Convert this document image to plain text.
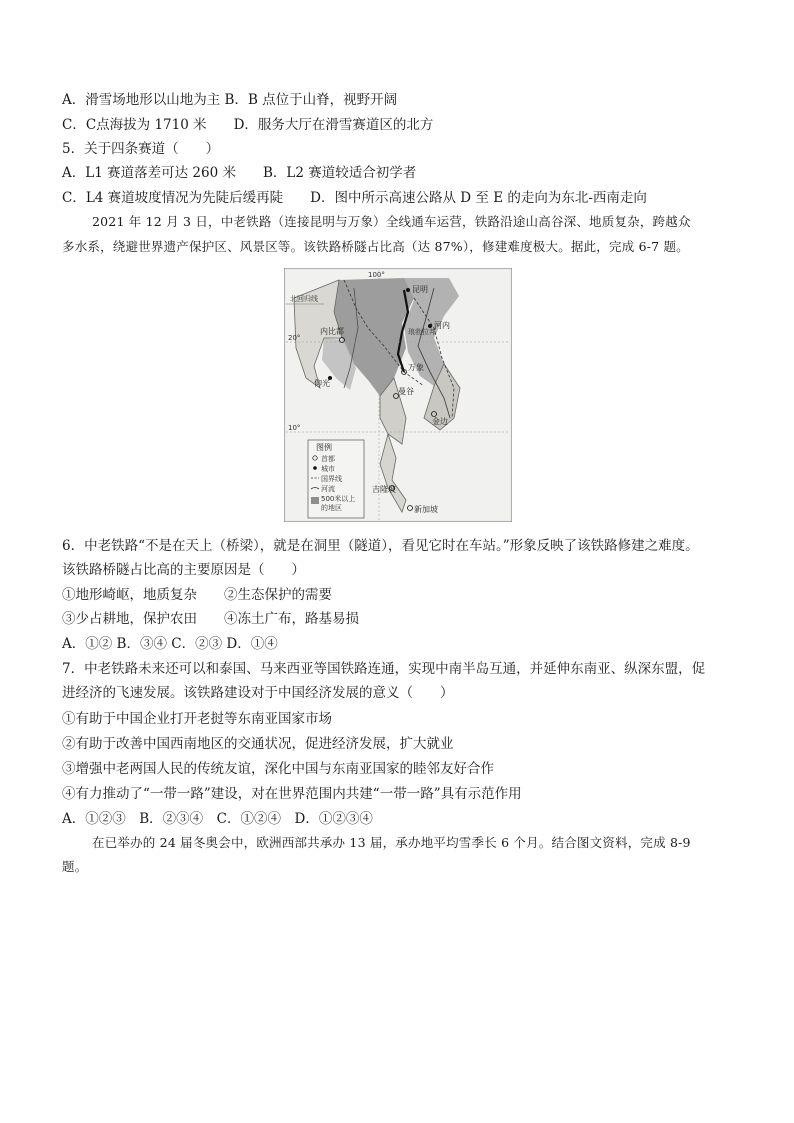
A．滑雪场地形以山地为主 B．B 点位于山脊，视野开阔
C．C点海拔为 1710 米　　D．服务大厅在滑雪赛道区的北方
5．关于四条赛道（　　）
A．L1 赛道落差可达 260 米　　B．L2 赛道较适合初学者
C．L4 赛道坡度情况为先陡后缓再陡　　D．图中所示高速公路从 D 至 E 的走向为东北-西南走向
2021 年 12 月 3 日，中老铁路（连接昆明与万象）全线通车运营，铁路沿途山高谷深、地质复杂，跨越众
多水系，绕避世界遗产保护区、风景区等。该铁路桥隧占比高（达 87%），修建难度极大。据此，完成 6-7 题。
100°
20°
10°
北回归线
昆明
河内
内比都
仰光
琅勃拉邦
万象
曼谷
金边
吉隆坡
新加坡
图例
首都
城市
国界线
河流
500米以上
的地区
6．中老铁路“不是在天上（桥梁），就是在洞里（隧道），看见它时在车站。”形象反映了该铁路修建之难度。
该铁路桥隧占比高的主要原因是（　　）
①地形崎岖，地质复杂　　②生态保护的需要
③少占耕地，保护农田　　④冻土广布，路基易损
A．①② B．③④ C．②③ D．①④
7．中老铁路未来还可以和泰国、马来西亚等国铁路连通，实现中南半岛互通，并延伸东南亚、纵深东盟，促
进经济的飞速发展。该铁路建设对于中国经济发展的意义（　　）
①有助于中国企业打开老挝等东南亚国家市场
②有助于改善中国西南地区的交通状况，促进经济发展，扩大就业
③增强中老两国人民的传统友谊，深化中国与东南亚国家的睦邻友好合作
④有力推动了“一带一路”建设，对在世界范围内共建“一带一路”具有示范作用
A．①②③　B．②③④　C．①②④　D．①②③④
在已举办的 24 届冬奥会中，欧洲西部共承办 13 届，承办地平均雪季长 6 个月。结合图文资料，完成 8-9
题。
